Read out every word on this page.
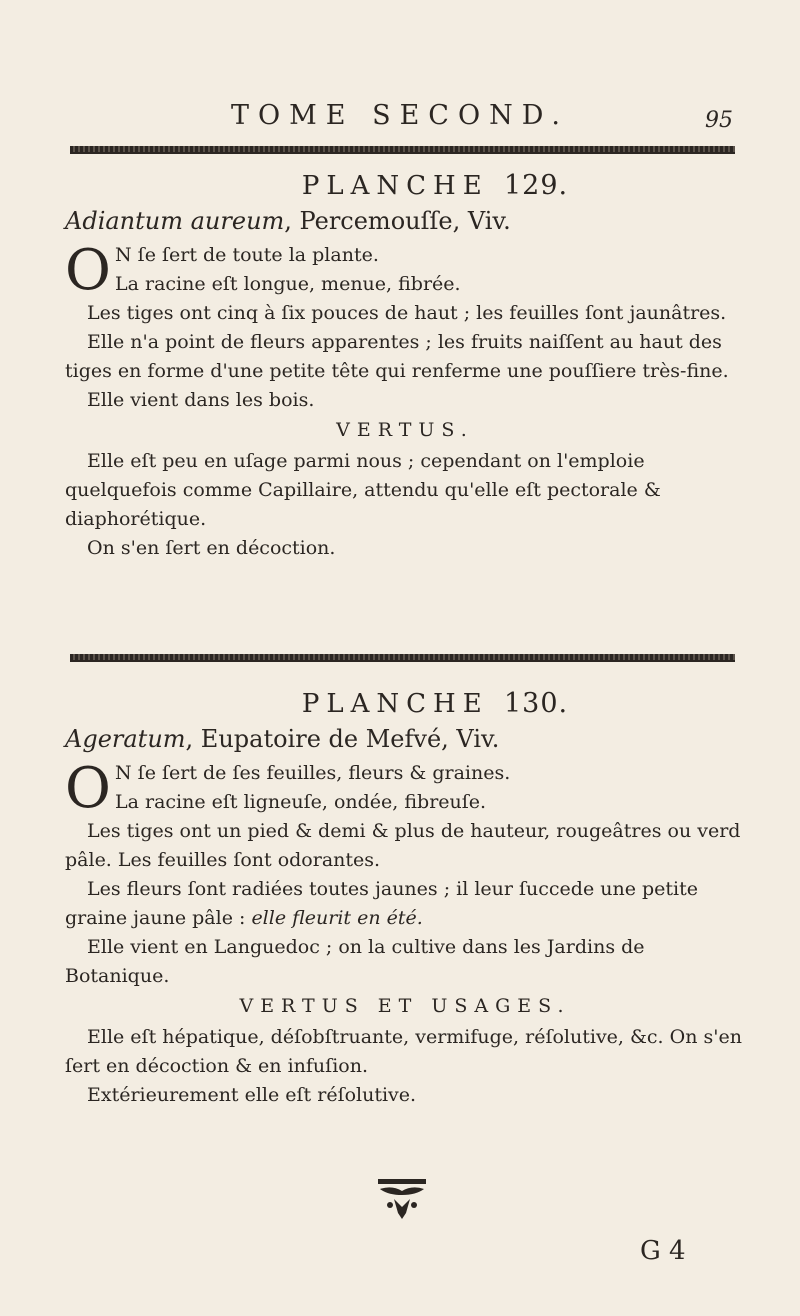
TOME SECOND.	95
PLANCHE 129.
Adiantum aureum, Percemouſſe, Viv.
O N ſe ſert de toute la plante.

La racine eſt longue, menue, fibrée.

Les tiges ont cinq à ſix pouces de haut ; les feuilles ſont jaunâtres.

Elle n'a point de fleurs apparentes ; les fruits naiſſent au haut des tiges en forme d'une petite tête qui renferme une pouſſiere très-fine.

Elle vient dans les bois.

VERTUS.

Elle eſt peu en uſage parmi nous ; cependant on l'emploie quelquefois comme Capillaire, attendu qu'elle eſt pectorale & diaphorétique.

On s'en ſert en décoction.

PLANCHE 130.
Ageratum, Eupatoire de Mefvé, Viv.
O N ſe ſert de ſes feuilles, fleurs & graines.

La racine eſt ligneuſe, ondée, fibreuſe.

Les tiges ont un pied & demi & plus de hauteur, rougeâtres ou verd pâle. Les feuilles ſont odorantes.

Les fleurs ſont radiées toutes jaunes ; il leur ſuccede une petite graine jaune pâle : elle fleurit en été.

Elle vient en Languedoc ; on la cultive dans les Jardins de Botanique.

VERTUS ET USAGES.

Elle eſt hépatique, déſobſtruante, vermifuge, réſolutive, &c. On s'en ſert en décoction & en infuſion.

Extérieurement elle eſt réſolutive.

G 4
